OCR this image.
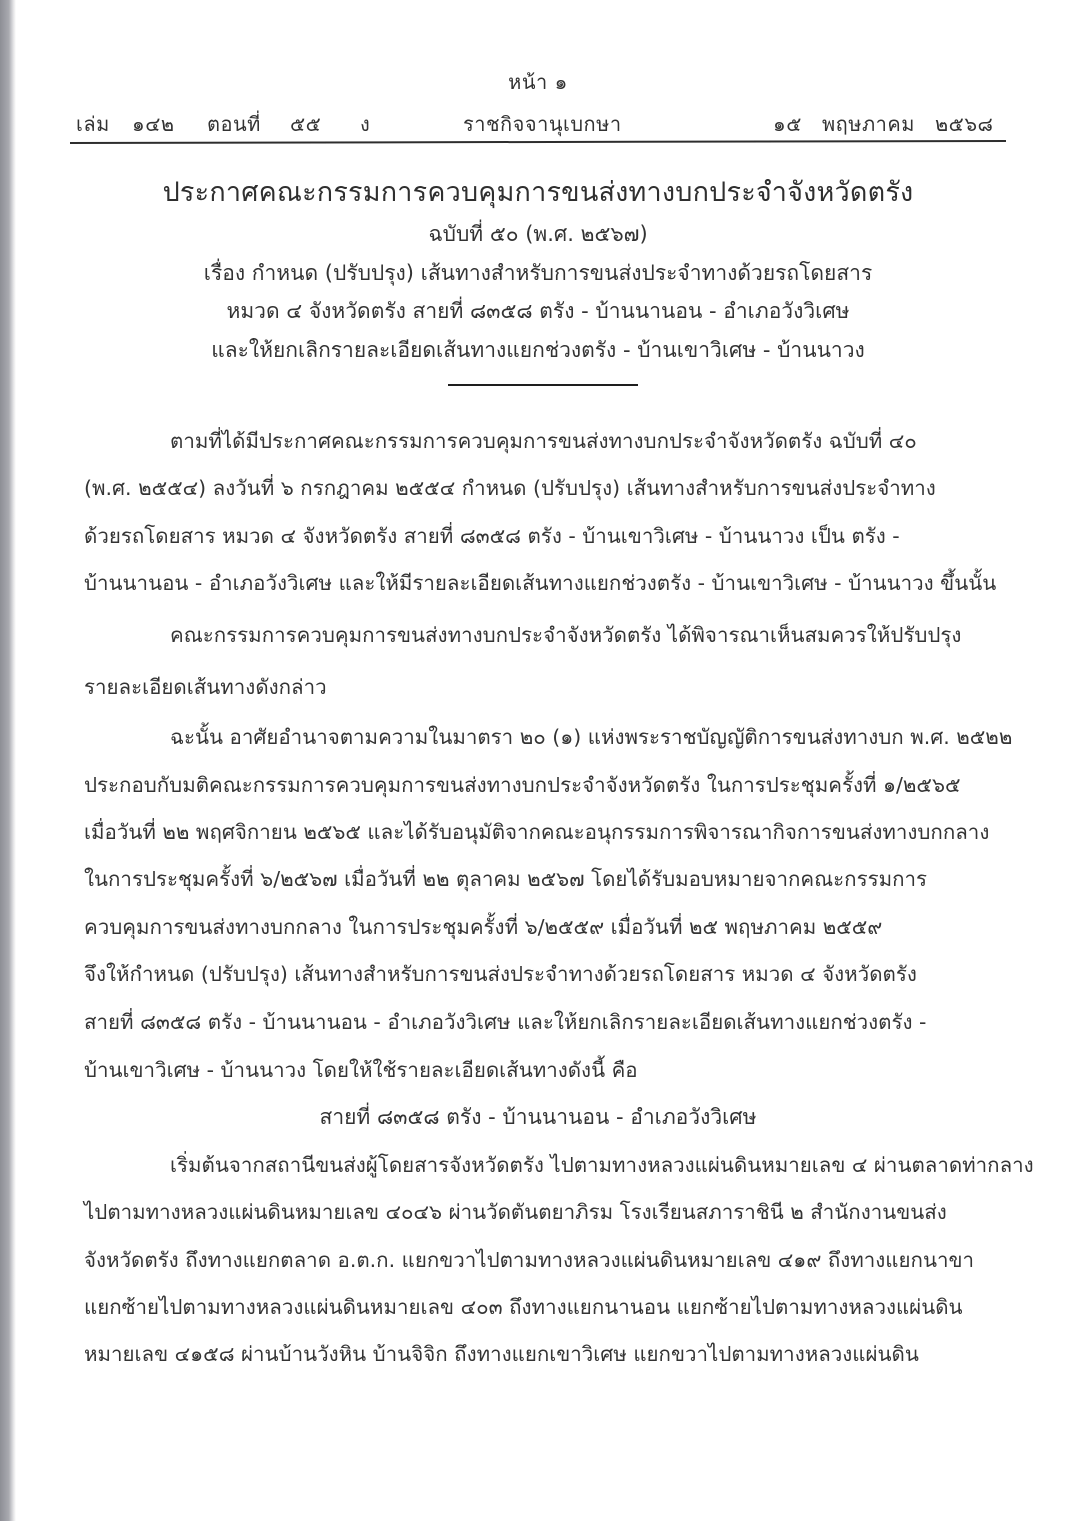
หน้า ๑
เล่ม ๑๔๒ ตอนที่ ๕๕ ง	ราชกิจจานุเบกษา	๑๕ พฤษภาคม ๒๕๖๘
ประกาศคณะกรรมการควบคุมการขนส่งทางบกประจำจังหวัดตรัง
ฉบับที่ ๕๐ (พ.ศ. ๒๕๖๗)
เรื่อง กำหนด (ปรับปรุง) เส้นทางสำหรับการขนส่งประจำทางด้วยรถโดยสาร
หมวด ๔ จังหวัดตรัง สายที่ ๘๓๕๘ ตรัง - บ้านนานอน - อำเภอวังวิเศษ
และให้ยกเลิกรายละเอียดเส้นทางแยกช่วงตรัง - บ้านเขาวิเศษ - บ้านนาวง
ตามที่ได้มีประกาศคณะกรรมการควบคุมการขนส่งทางบกประจำจังหวัดตรัง ฉบับที่ ๔๐
(พ.ศ. ๒๕๕๔) ลงวันที่ ๖ กรกฎาคม ๒๕๕๔ กำหนด (ปรับปรุง) เส้นทางสำหรับการขนส่งประจำทาง
ด้วยรถโดยสาร หมวด ๔ จังหวัดตรัง สายที่ ๘๓๕๘ ตรัง - บ้านเขาวิเศษ - บ้านนาวง เป็น ตรัง -
บ้านนานอน - อำเภอวังวิเศษ และให้มีรายละเอียดเส้นทางแยกช่วงตรัง - บ้านเขาวิเศษ - บ้านนาวง ขึ้นนั้น
คณะกรรมการควบคุมการขนส่งทางบกประจำจังหวัดตรัง ได้พิจารณาเห็นสมควรให้ปรับปรุง
รายละเอียดเส้นทางดังกล่าว
ฉะนั้น อาศัยอำนาจตามความในมาตรา ๒๐ (๑) แห่งพระราชบัญญัติการขนส่งทางบก พ.ศ. ๒๕๒๒
ประกอบกับมติคณะกรรมการควบคุมการขนส่งทางบกประจำจังหวัดตรัง ในการประชุมครั้งที่ ๑/๒๕๖๕
เมื่อวันที่ ๒๒ พฤศจิกายน ๒๕๖๕ และได้รับอนุมัติจากคณะอนุกรรมการพิจารณากิจการขนส่งทางบกกลาง
ในการประชุมครั้งที่ ๖/๒๕๖๗ เมื่อวันที่ ๒๒ ตุลาคม ๒๕๖๗ โดยได้รับมอบหมายจากคณะกรรมการ
ควบคุมการขนส่งทางบกกลาง ในการประชุมครั้งที่ ๖/๒๕๕๙ เมื่อวันที่ ๒๕ พฤษภาคม ๒๕๕๙
จึงให้กำหนด (ปรับปรุง) เส้นทางสำหรับการขนส่งประจำทางด้วยรถโดยสาร หมวด ๔ จังหวัดตรัง
สายที่ ๘๓๕๘ ตรัง - บ้านนานอน - อำเภอวังวิเศษ และให้ยกเลิกรายละเอียดเส้นทางแยกช่วงตรัง -
บ้านเขาวิเศษ - บ้านนาวง โดยให้ใช้รายละเอียดเส้นทางดังนี้ คือ
สายที่ ๘๓๕๘ ตรัง - บ้านนานอน - อำเภอวังวิเศษ
เริ่มต้นจากสถานีขนส่งผู้โดยสารจังหวัดตรัง ไปตามทางหลวงแผ่นดินหมายเลข ๔ ผ่านตลาดท่ากลาง
ไปตามทางหลวงแผ่นดินหมายเลข ๔๐๔๖ ผ่านวัดตันตยาภิรม โรงเรียนสภาราชินี ๒ สำนักงานขนส่ง
จังหวัดตรัง ถึงทางแยกตลาด อ.ต.ก. แยกขวาไปตามทางหลวงแผ่นดินหมายเลข ๔๑๙ ถึงทางแยกนาขา
แยกซ้ายไปตามทางหลวงแผ่นดินหมายเลข ๔๐๓ ถึงทางแยกนานอน แยกซ้ายไปตามทางหลวงแผ่นดิน
หมายเลข ๔๑๕๘ ผ่านบ้านวังหิน บ้านจิจิก ถึงทางแยกเขาวิเศษ แยกขวาไปตามทางหลวงแผ่นดิน
